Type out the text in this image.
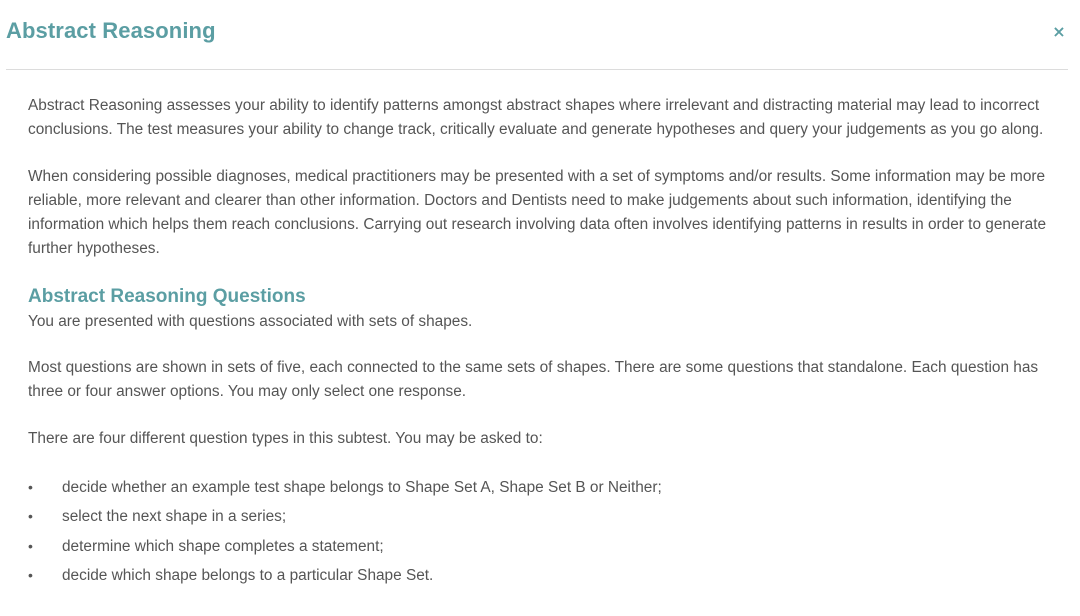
Abstract Reasoning	×

Abstract Reasoning assesses your ability to identify patterns amongst abstract shapes where irrelevant and distracting material may lead to incorrect conclusions. The test measures your ability to change track, critically evaluate and generate hypotheses and query your judgements as you go along.

When considering possible diagnoses, medical practitioners may be presented with a set of symptoms and/or results. Some information may be more reliable, more relevant and clearer than other information. Doctors and Dentists need to make judgements about such information, identifying the information which helps them reach conclusions. Carrying out research involving data often involves identifying patterns in results in order to generate further hypotheses.

Abstract Reasoning Questions

You are presented with questions associated with sets of shapes.

Most questions are shown in sets of five, each connected to the same sets of shapes. There are some questions that standalone. Each question has three or four answer options. You may only select one response.

There are four different question types in this subtest. You may be asked to:

•	decide whether an example test shape belongs to Shape Set A, Shape Set B or Neither;
•	select the next shape in a series;
•	determine which shape completes a statement;
•	decide which shape belongs to a particular Shape Set.
